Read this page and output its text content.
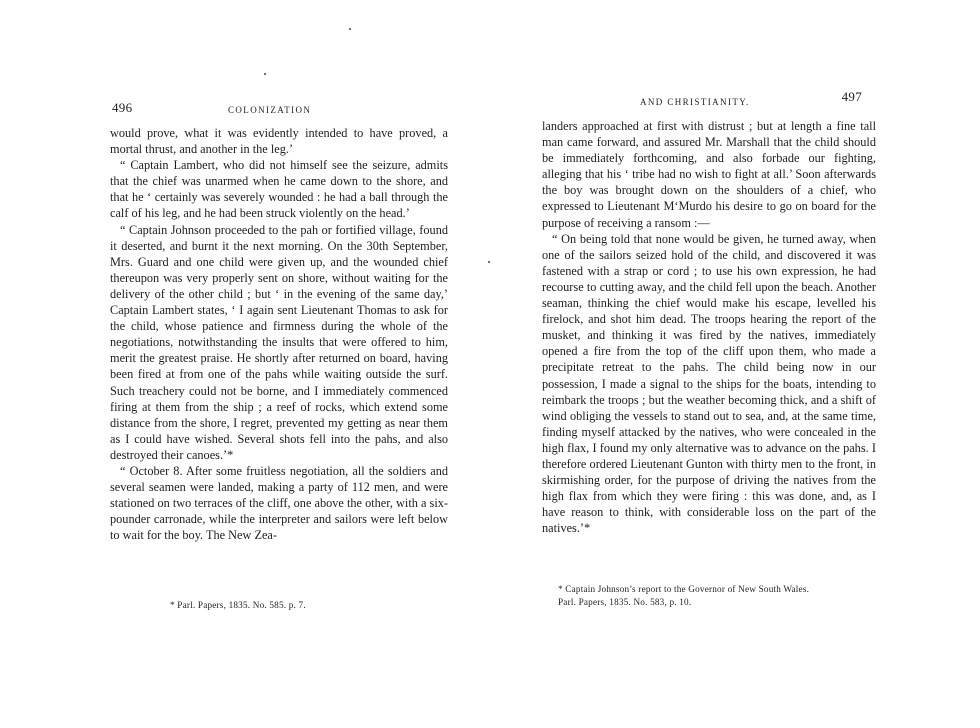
496	COLONIZATION

would prove, what it was evidently intended to have proved, a mortal thrust, and another in the leg.’

“ Captain Lambert, who did not himself see the seizure, admits that the chief was unarmed when he came down to the shore, and that he ‘ certainly was severely wounded : he had a ball through the calf of his leg, and he had been struck violently on the head.’

“ Captain Johnson proceeded to the pah or fortified village, found it deserted, and burnt it the next morning. On the 30th September, Mrs. Guard and one child were given up, and the wounded chief thereupon was very properly sent on shore, without waiting for the delivery of the other child ; but ‘ in the evening of the same day,’ Captain Lambert states, ‘ I again sent Lieutenant Thomas to ask for the child, whose patience and firmness during the whole of the negotiations, notwithstanding the insults that were offered to him, merit the greatest praise. He shortly after returned on board, having been fired at from one of the pahs while waiting outside the surf. Such treachery could not be borne, and I immediately commenced firing at them from the ship ; a reef of rocks, which extend some distance from the shore, I regret, prevented my getting as near them as I could have wished. Several shots fell into the pahs, and also destroyed their canoes.’*

“ October 8. After some fruitless negotiation, all the soldiers and several seamen were landed, making a party of 112 men, and were stationed on two terraces of the cliff, one above the other, with a six-pounder carronade, while the interpreter and sailors were left below to wait for the boy. The New Zea-

* Parl. Papers, 1835. No. 585. p. 7.
AND CHRISTIANITY.	497

landers approached at first with distrust ; but at length a fine tall man came forward, and assured Mr. Marshall that the child should be immediately forthcoming, and also forbade our fighting, alleging that his ‘ tribe had no wish to fight at all.’ Soon afterwards the boy was brought down on the shoulders of a chief, who expressed to Lieutenant M‘Murdo his desire to go on board for the purpose of receiving a ransom :—

“ On being told that none would be given, he turned away, when one of the sailors seized hold of the child, and discovered it was fastened with a strap or cord ; to use his own expression, he had recourse to cutting away, and the child fell upon the beach. Another seaman, thinking the chief would make his escape, levelled his firelock, and shot him dead. The troops hearing the report of the musket, and thinking it was fired by the natives, immediately opened a fire from the top of the cliff upon them, who made a precipitate retreat to the pahs. The child being now in our possession, I made a signal to the ships for the boats, intending to reimbark the troops ; but the weather becoming thick, and a shift of wind obliging the vessels to stand out to sea, and, at the same time, finding myself attacked by the natives, who were concealed in the high flax, I found my only alternative was to advance on the pahs. I therefore ordered Lieutenant Gunton with thirty men to the front, in skirmishing order, for the purpose of driving the natives from the high flax from which they were firing : this was done, and, as I have reason to think, with considerable loss on the part of the natives.’*

* Captain Johnson’s report to the Governor of New South Wales.
Parl. Papers, 1835. No. 583, p. 10.
